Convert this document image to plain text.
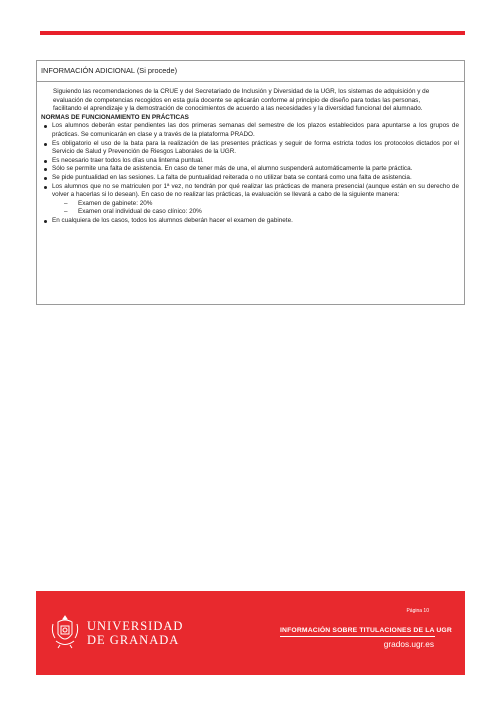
INFORMACIÓN ADICIONAL (Si procede)

Siguiendo las recomendaciones de la CRUE y del Secretariado de Inclusión y Diversidad de la UGR, los sistemas de adquisición y de evaluación de competencias recogidos en esta guía docente se aplicarán conforme al principio de diseño para todas las personas, facilitando el aprendizaje y la demostración de conocimientos de acuerdo a las necesidades y la diversidad funcional del alumnado.

NORMAS DE FUNCIONAMIENTO EN PRÁCTICAS

Los alumnos deberán estar pendientes las dos primeras semanas del semestre de los plazos establecidos para apuntarse a los grupos de prácticas. Se comunicarán en clase y a través de la plataforma PRADO.
Es obligatorio el uso de la bata para la realización de las presentes prácticas y seguir de forma estricta todos los protocolos dictados por el Servicio de Salud y Prevención de Riesgos Laborales de la UGR.
Es necesario traer todos los días una linterna puntual.
Sólo se permite una falta de asistencia. En caso de tener más de una, el alumno suspenderá automáticamente la parte práctica.
Se pide puntualidad en las sesiones. La falta de puntualidad reiterada o no utilizar bata se contará como una falta de asistencia.
Los alumnos que no se matriculen por 1ª vez, no tendrán por qué realizar las prácticas de manera presencial (aunque están en su derecho de volver a hacerlas si lo desean). En caso de no realizar las prácticas, la evaluación se llevará a cabo de la siguiente manera:
– Examen de gabinete: 20%
– Examen oral individual de caso clínico: 20%
En cualquiera de los casos, todos los alumnos deberán hacer el examen de gabinete.
UNIVERSIDAD
DE GRANADA
Página 10
INFORMACIÓN SOBRE TITULACIONES DE LA UGR
grados.ugr.es
